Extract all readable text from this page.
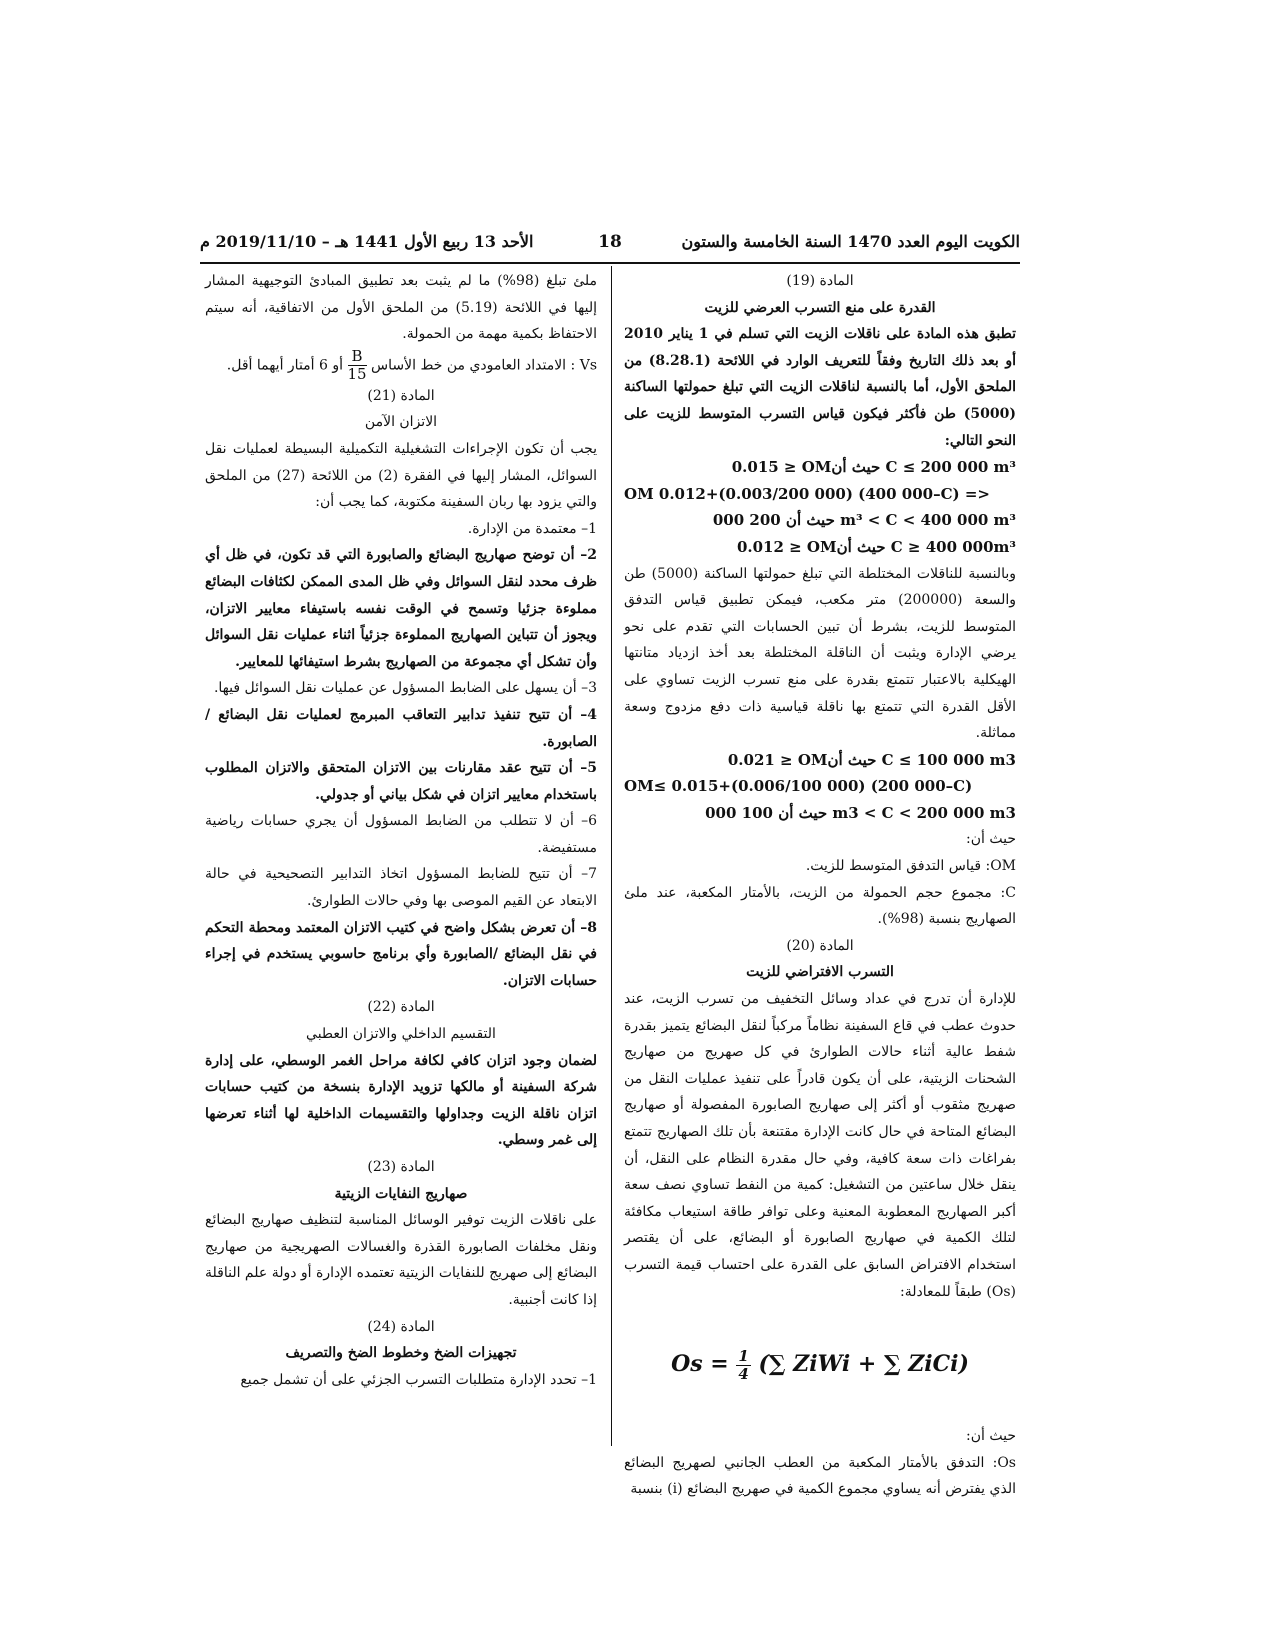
الكويت اليوم العدد 1470 السنة الخامسة والستون
18
الأحد 13 ربيع الأول 1441 هـ – 2019/11/10 م

المادة (19)

القدرة على منع التسرب العرضي للزيت

تطبق هذه المادة على ناقلات الزيت التي تسلم في 1 يناير 2010 أو بعد ذلك التاريخ وفقاً للتعريف الوارد في اللائحة (8.28.1) من الملحق الأول، أما بالنسبة لناقلات الزيت التي تبلغ حمولتها الساكنة (5000) طن فأكثر فيكون قياس التسرب المتوسط للزيت على النحو التالي:

0.015 ≥ OMحيث أن C ≤ 200 000 m³

OM 0.012+(0.003/200 000) (400 000–C) =>

حيث أن 200 000 m³ < C < 400 000 m³

0.012 ≥ OMحيث أن C ≥ 400 000m³

وبالنسبة للناقلات المختلطة التي تبلغ حمولتها الساكنة (5000) طن والسعة (200000) متر مكعب، فيمكن تطبيق قياس التدفق المتوسط للزيت، بشرط أن تبين الحسابات التي تقدم على نحو يرضي الإدارة ويثبت أن الناقلة المختلطة بعد أخذ ازدياد متانتها الهيكلية بالاعتبار تتمتع بقدرة على منع تسرب الزيت تساوي على الأقل القدرة التي تتمتع بها ناقلة قياسية ذات دفع مزدوج وسعة مماثلة.

0.021 ≥ OMحيث أن C ≤ 100 000 m3

OM≤ 0.015+(0.006/100 000) (200 000–C)

حيث أن 100 000 m3 < C < 200 000 m3

حيث أن:

OM: قياس التدفق المتوسط للزيت.

C: مجموع حجم الحمولة من الزيت، بالأمتار المكعبة، عند ملئ الصهاريج بنسبة (98%).

المادة (20)

التسرب الافتراضي للزيت

للإدارة أن تدرج في عداد وسائل التخفيف من تسرب الزيت، عند حدوث عطب في قاع السفينة نظاماً مركباً لنقل البضائع يتميز بقدرة شفط عالية أثناء حالات الطوارئ في كل صهريج من صهاريج الشحنات الزيتية، على أن يكون قادراً على تنفيذ عمليات النقل من صهريج مثقوب أو أكثر إلى صهاريج الصابورة المفصولة أو صهاريج البضائع المتاحة في حال كانت الإدارة مقتنعة بأن تلك الصهاريج تتمتع بفراغات ذات سعة كافية، وفي حال مقدرة النظام على النقل، أن ينقل خلال ساعتين من التشغيل: كمية من النفط تساوي نصف سعة أكبر الصهاريج المعطوبة المعنية وعلى توافر طاقة استيعاب مكافئة لتلك الكمية في صهاريج الصابورة أو البضائع، على أن يقتصر استخدام الافتراض السابق على القدرة على احتساب قيمة التسرب (Os) طبقاً للمعادلة:

$Os = \frac{1}{4}$ (∑ ZiWi + ∑ ZiCi)

حيث أن:

Os: التدفق بالأمتار المكعبة من العطب الجانبي لصهريج البضائع الذي يفترض أنه يساوي مجموع الكمية في صهريج البضائع (i) بنسبة

ملئ تبلغ (98%) ما لم يثبت بعد تطبيق المبادئ التوجيهية المشار إليها في اللائحة (5.19) من الملحق الأول من الاتفاقية، أنه سيتم الاحتفاظ بكمية مهمة من الحمولة.

Vs : الامتداد العامودي من خط الأساس
$\frac{B}{15}$
أو 6 أمتار أيهما أقل.

المادة (21)

الاتزان الآمن

يجب أن تكون الإجراءات التشغيلية التكميلية البسيطة لعمليات نقل السوائل، المشار إليها في الفقرة (2) من اللائحة (27) من الملحق والتي يزود بها ربان السفينة مكتوبة، كما يجب أن:

1– معتمدة من الإدارة.

2– أن توضح صهاريج البضائع والصابورة التي قد تكون، في ظل أي ظرف محدد لنقل السوائل وفي ظل المدى الممكن لكثافات البضائع مملوءة جزئيا وتسمح في الوقت نفسه باستيفاء معايير الاتزان، ويجوز أن تتباين الصهاريج المملوءة جزئياً اثناء عمليات نقل السوائل وأن تشكل أي مجموعة من الصهاريج بشرط استيفائها للمعايير.

3– أن يسهل على الضابط المسؤول عن عمليات نقل السوائل فيها.

4– أن تتيح تنفيذ تدابير التعاقب المبرمج لعمليات نقل البضائع /الصابورة.

5– أن تتيح عقد مقارنات بين الاتزان المتحقق والاتزان المطلوب باستخدام معايير اتزان في شكل بياني أو جدولي.

6– أن لا تتطلب من الضابط المسؤول أن يجري حسابات رياضية مستفيضة.

7– أن تتيح للضابط المسؤول اتخاذ التدابير التصحيحية في حالة الابتعاد عن القيم الموصى بها وفي حالات الطوارئ.

8– أن تعرض بشكل واضح في كتيب الاتزان المعتمد ومحطة التحكم في نقل البضائع /الصابورة وأي برنامج حاسوبي يستخدم في إجراء حسابات الاتزان.

المادة (22)

التقسيم الداخلي والاتزان العطبي

لضمان وجود اتزان كافي لكافة مراحل الغمر الوسطي، على إدارة شركة السفينة أو مالكها تزويد الإدارة بنسخة من كتيب حسابات اتزان ناقلة الزيت وجداولها والتقسيمات الداخلية لها أثناء تعرضها إلى غمر وسطي.

المادة (23)

صهاريج النفايات الزيتية

على ناقلات الزيت توفير الوسائل المناسبة لتنظيف صهاريج البضائع ونقل مخلفات الصابورة القذرة والغسالات الصهريجية من صهاريج البضائع إلى صهريج للنفايات الزيتية تعتمده الإدارة أو دولة علم الناقلة إذا كانت أجنبية.

المادة (24)

تجهيزات الضخ وخطوط الضخ والتصريف

1– تحدد الإدارة متطلبات التسرب الجزئي على أن تشمل جميع
